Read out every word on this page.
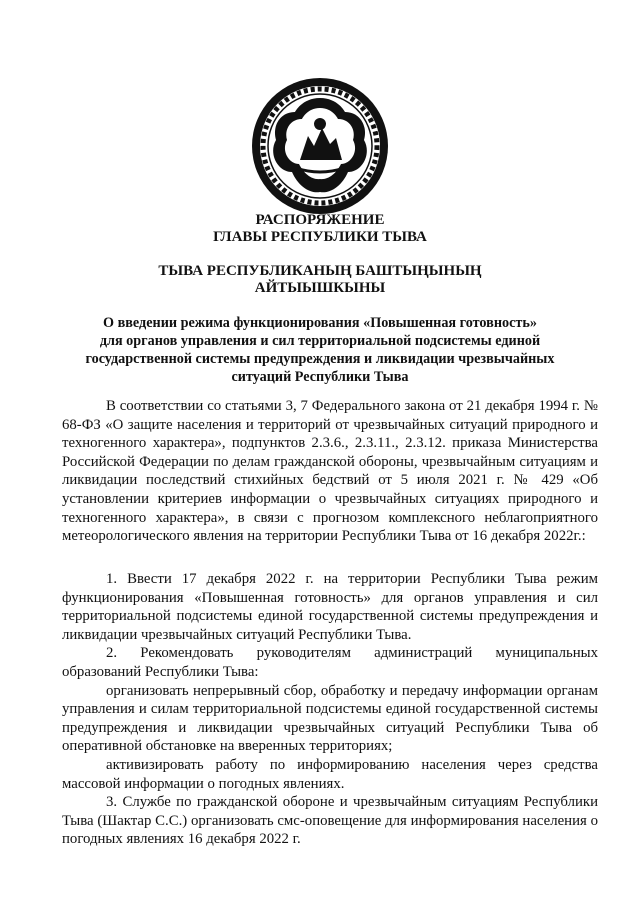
РАСПОРЯЖЕНИЕ
ГЛАВЫ РЕСПУБЛИКИ ТЫВА
ТЫВА РЕСПУБЛИКАНЫҢ БАШТЫҢЫНЫҢ
АЙТЫЫШКЫНЫ
О введении режима функционирования «Повышенная готовность»
для органов управления и сил территориальной подсистемы единой
государственной системы предупреждения и ликвидации чрезвычайных
ситуаций Республики Тыва

В соответствии со статьями 3, 7 Федерального закона от 21 декабря 1994 г. № 68-ФЗ «О защите населения и территорий от чрезвычайных ситуаций природного и техногенного характера», подпунктов 2.3.6., 2.3.11., 2.3.12. приказа Министерства Российской Федерации по делам гражданской обороны, чрезвычайным ситуациям и ликвидации последствий стихийных бедствий от 5 июля 2021 г. № 429 «Об установлении критериев информации о чрезвычайных ситуациях природного и техногенного характера», в связи с прогнозом комплексного неблагоприятного метеорологического явления на территории Республики Тыва от 16 декабря 2022г.:

1. Ввести 17 декабря 2022 г. на территории Республики Тыва режим функционирования «Повышенная готовность» для органов управления и сил территориальной подсистемы единой государственной системы предупреждения и ликвидации чрезвычайных ситуаций Республики Тыва.

2. Рекомендовать руководителям администраций муниципальных образований Республики Тыва:

организовать непрерывный сбор, обработку и передачу информации органам управления и силам территориальной подсистемы единой государственной системы предупреждения и ликвидации чрезвычайных ситуаций Республики Тыва об оперативной обстановке на вверенных территориях;

активизировать работу по информированию населения через средства массовой информации о погодных явлениях.

3. Службе по гражданской обороне и чрезвычайным ситуациям Республики Тыва (Шактар С.С.) организовать смс-оповещение для информирования населения о погодных явлениях 16 декабря 2022 г.
